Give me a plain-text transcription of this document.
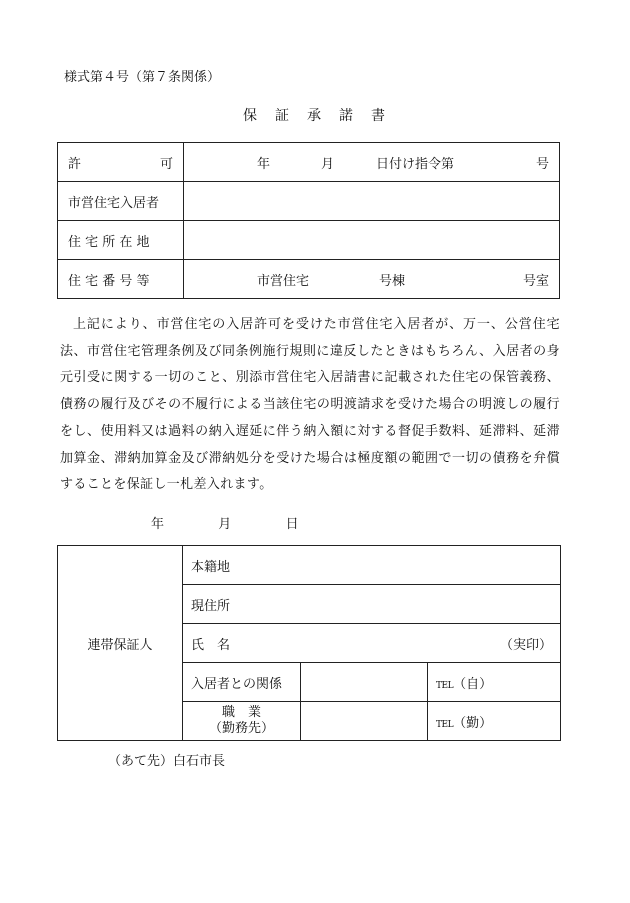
様式第４号（第７条関係）
保　証　承　諾　書
許 可	年 月 日付け指令第 号

市営住宅入居者	
住 宅 所 在 地	
住 宅 番 号 等	市営住宅 号棟 号室

上記により、市営住宅の入居許可を受けた市営住宅入居者が、万一、公営住宅法、市営住宅管理条例及び同条例施行規則に違反したときはもちろん、入居者の身元引受に関する一切のこと、別添市営住宅入居請書に記載された住宅の保管義務、債務の履行及びその不履行による当該住宅の明渡請求を受けた場合の明渡しの履行をし、使用料又は過料の納入遅延に伴う納入額に対する督促手数料、延滞料、延滞加算金、滞納加算金及び滞納処分を受けた場合は極度額の範囲で一切の債務を弁償することを保証し一札差入れます。

年	月	日
連帯保証人	本籍地		
	現住所		

	氏　名 （実印）		

	入居者との関係		TEL（自）

	職　業
（勤務先）		TEL（勤）
（あて先）白石市長
